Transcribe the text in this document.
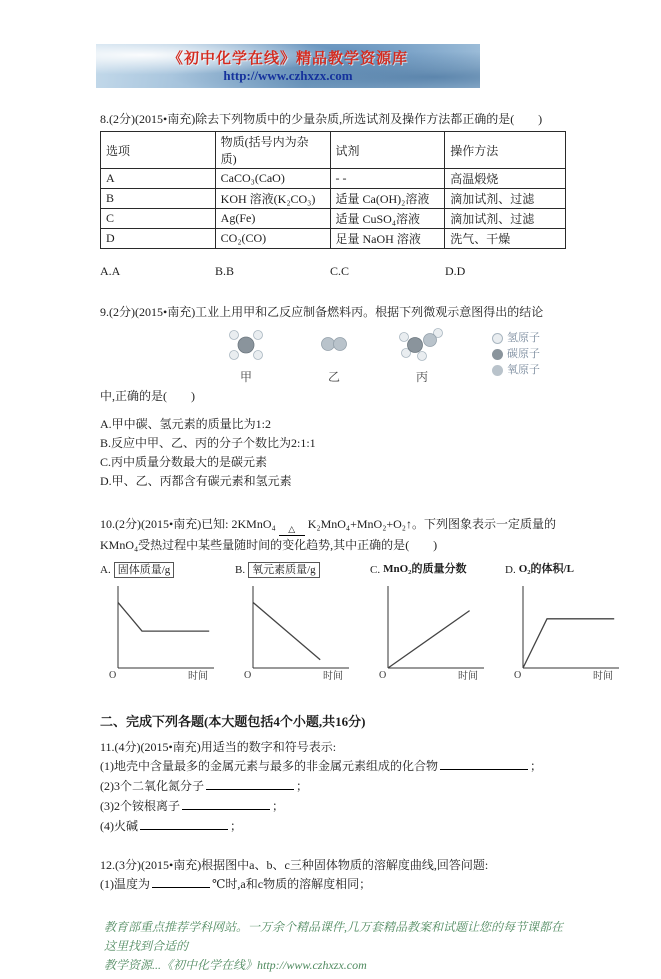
《初中化学在线》精品教学资源库
http://www.czhxzx.com

8.(2分)(2015•南充)除去下列物质中的少量杂质,所选试剂及操作方法都正确的是(　　)

选项	物质(括号内为杂质)	试剂	操作方法
A	CaCO₃(CaO)	- -	高温煅烧
B	KOH 溶液(K₂CO₃)	适量 Ca(OH)₂溶液	滴加试剂、过滤
C	Ag(Fe)	适量 CuSO₄溶液	滴加试剂、过滤
D	CO₂(CO)	足量 NaOH 溶液	洗气、干燥
A.A	B.B	C.C	D.D

9.(2分)(2015•南充)工业上用甲和乙反应制备燃料丙。根据下列微观示意图得出的结论

甲	乙	丙
氢原子
碳原子
氧原子

中,正确的是(　　)

A.甲中碳、氢元素的质量比为1:2
B.反应中甲、乙、丙的分子个数比为2:1:1
C.丙中质量分数最大的是碳元素
D.甲、乙、丙都含有碳元素和氢元素

10.(2分)(2015•南充)已知: 2KMnO₄ △ K₂MnO₄+MnO₂+O₂↑。下列图象表示一定质量的KMnO₄受热过程中某些量随时间的变化趋势,其中正确的是(　　)

A. 固体质量/g
O	时间
B. 氧元素质量/g
O	时间
C. MnO₂的质量分数
O	时间
D. O₂的体积/L
O	时间
二、完成下列各题(本大题包括4个小题,共16分)

11.(4分)(2015•南充)用适当的数字和符号表示:

(1)地壳中含量最多的金属元素与最多的非金属元素组成的化合物	；

(2)3个二氧化氮分子	；

(3)2个铵根离子	；

(4)火碱	；

12.(3分)(2015•南充)根据图中a、b、c三种固体物质的溶解度曲线,回答问题:

(1)温度为	℃时,a和c物质的溶解度相同；

教育部重点推荐学科网站。一万余个精品课件,几万套精品教案和试题让您的每节课都在这里找到合适的
教学资源...《初中化学在线》http://www.czhxzx.com
